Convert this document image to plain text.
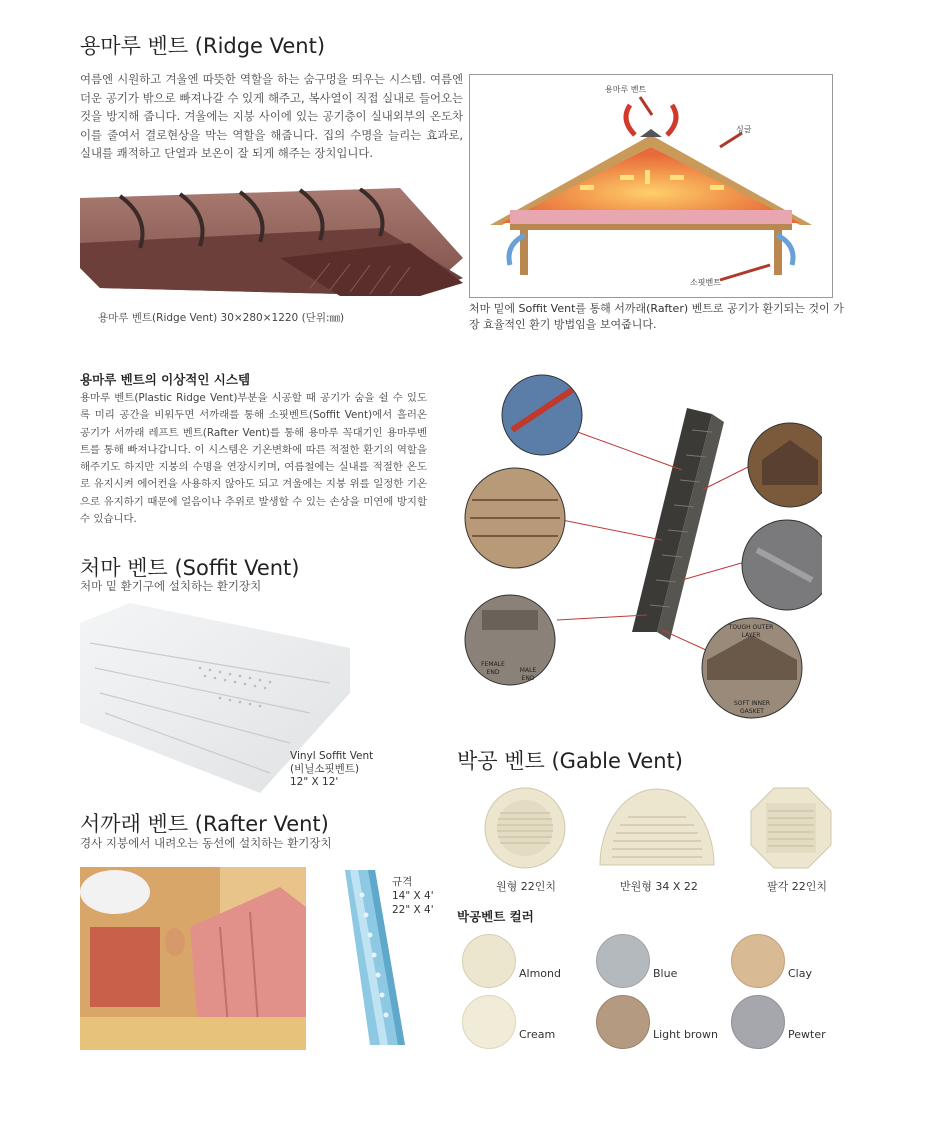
용마루 벤트 (Ridge Vent)
여름엔 시원하고 겨울엔 따뜻한 역할을 하는 숨구멍을 띄우는 시스템. 여름엔 더운 공기가 밖으로 빠져나갈 수 있게 해주고, 복사열이 직접 실내로 들어오는 것을 방지해 줍니다. 겨울에는 지붕 사이에 있는 공기층이 실내외부의 온도차이를 줄여서 결로현상을 막는 역할을 해줍니다. 집의 수명을 늘리는 효과로, 실내를 쾌적하고 단열과 보온이 잘 되게 해주는 장치입니다.
용마루 벤트(Ridge Vent) 30×280×1220 (단위:㎜)
용마루 벤트
싱글
소핏벤트
처마 밑에 Soffit Vent를 통해 서까래(Rafter) 벤트로 공기가 환기되는 것이 가장 효율적인 환기 방법임을 보여줍니다.
용마루 벤트의 이상적인 시스템
용마루 벤트(Plastic Ridge Vent)부분을 시공할 때 공기가 숨을 쉴 수 있도록 미리 공간을 비워두면 서까래를 통해 소핏벤트(Soffit Vent)에서 흘러온 공기가 서까래 레프트 벤트(Rafter Vent)를 통해 용마루 꼭대기인 용마루벤트를 통해 빠져나갑니다. 이 시스템은 기온변화에 따른 적절한 환기의 역할을 해주기도 하지만 지붕의 수명을 연장시키며, 여름철에는 실내를 적절한 온도로 유지시켜 에어컨을 사용하지 않아도 되고 겨울에는 지붕 위를 일정한 기온으로 유지하기 때문에 얼음이나 추위로 발생할 수 있는 손상을 미연에 방지할 수 있습니다.
FEMALE END	MALE END
TOUGH OUTER LAYER
SOFT INNER GASKET
처마 벤트 (Soffit Vent)
처마 밑 환기구에 설치하는 환기장치
Vinyl Soffit Vent
(비닐소핏벤트)
12" X 12'
서까래 벤트 (Rafter Vent)
경사 지붕에서 내려오는 동선에 설치하는 환기장치
규격
14" X 4'
22" X 4'
박공 벤트 (Gable Vent)
원형 22인치	반원형 34 X 22	팔각 22인치
박공벤트 컬러
Almond	Blue	Clay
Cream	Light brown	Pewter
